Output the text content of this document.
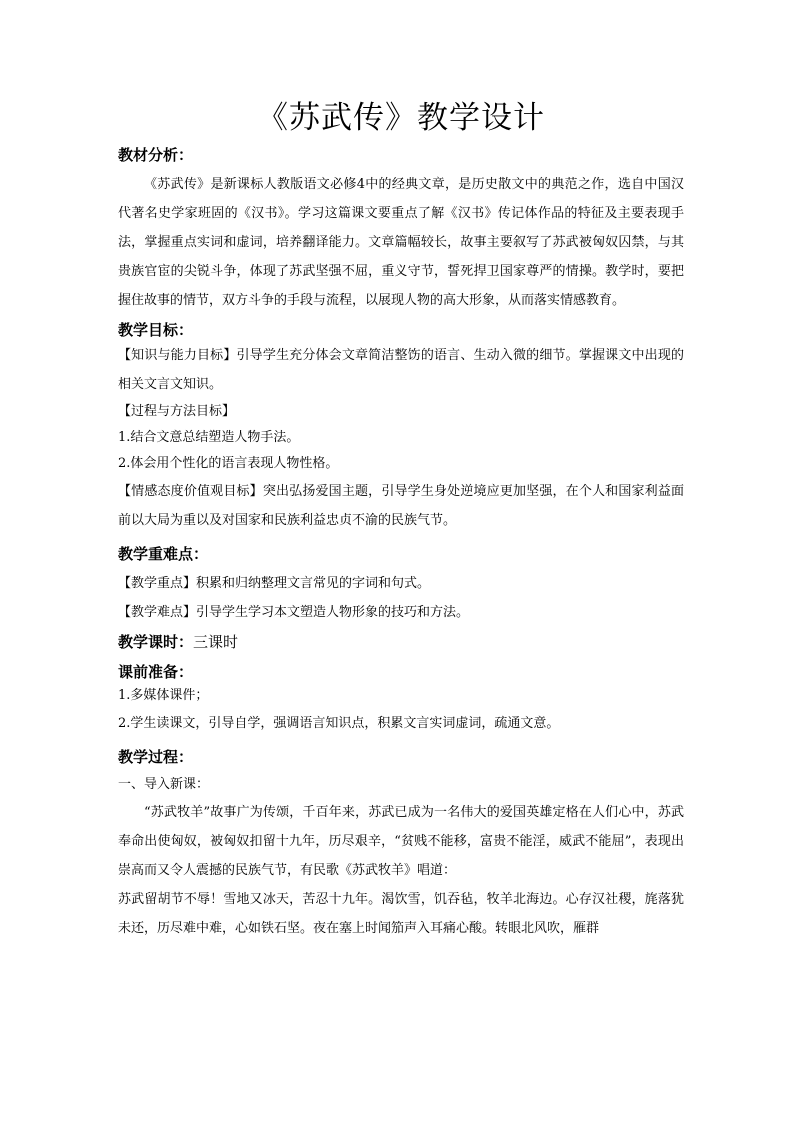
《苏武传》教学设计

教材分析：

《苏武传》是新课标人教版语文必修4中的经典文章，是历史散文中的典范之作，选自中国汉代著名史学家班固的《汉书》。学习这篇课文要重点了解《汉书》传记体作品的特征及主要表现手法，掌握重点实词和虚词，培养翻译能力。文章篇幅较长，故事主要叙写了苏武被匈奴囚禁，与其贵族官宦的尖锐斗争，体现了苏武坚强不屈，重义守节，誓死捍卫国家尊严的情操。教学时，要把握住故事的情节，双方斗争的手段与流程，以展现人物的高大形象，从而落实情感教育。

教学目标：

【知识与能力目标】引导学生充分体会文章简洁整饬的语言、生动入微的细节。掌握课文中出现的相关文言文知识。

【过程与方法目标】

1.结合文意总结塑造人物手法。

2.体会用个性化的语言表现人物性格。

【情感态度价值观目标】突出弘扬爱国主题，引导学生身处逆境应更加坚强，在个人和国家利益面前以大局为重以及对国家和民族利益忠贞不渝的民族气节。

教学重难点：

【教学重点】积累和归纳整理文言常见的字词和句式。

【教学难点】引导学生学习本文塑造人物形象的技巧和方法。

教学课时：三课时

课前准备：

1.多媒体课件；

2.学生读课文，引导自学，强调语言知识点，积累文言实词虚词，疏通文意。

教学过程：

一、导入新课：

“苏武牧羊”故事广为传颂，千百年来，苏武已成为一名伟大的爱国英雄定格在人们心中，苏武奉命出使匈奴，被匈奴扣留十九年，历尽艰辛，“贫贱不能移，富贵不能淫，威武不能屈”，表现出崇高而又令人震撼的民族气节，有民歌《苏武牧羊》唱道：

苏武留胡节不辱！雪地又冰天，苦忍十九年。渴饮雪，饥吞毡，牧羊北海边。心存汉社稷，旄落犹未还，历尽难中难，心如铁石坚。夜在塞上时闻笳声入耳痛心酸。转眼北风吹，雁群
